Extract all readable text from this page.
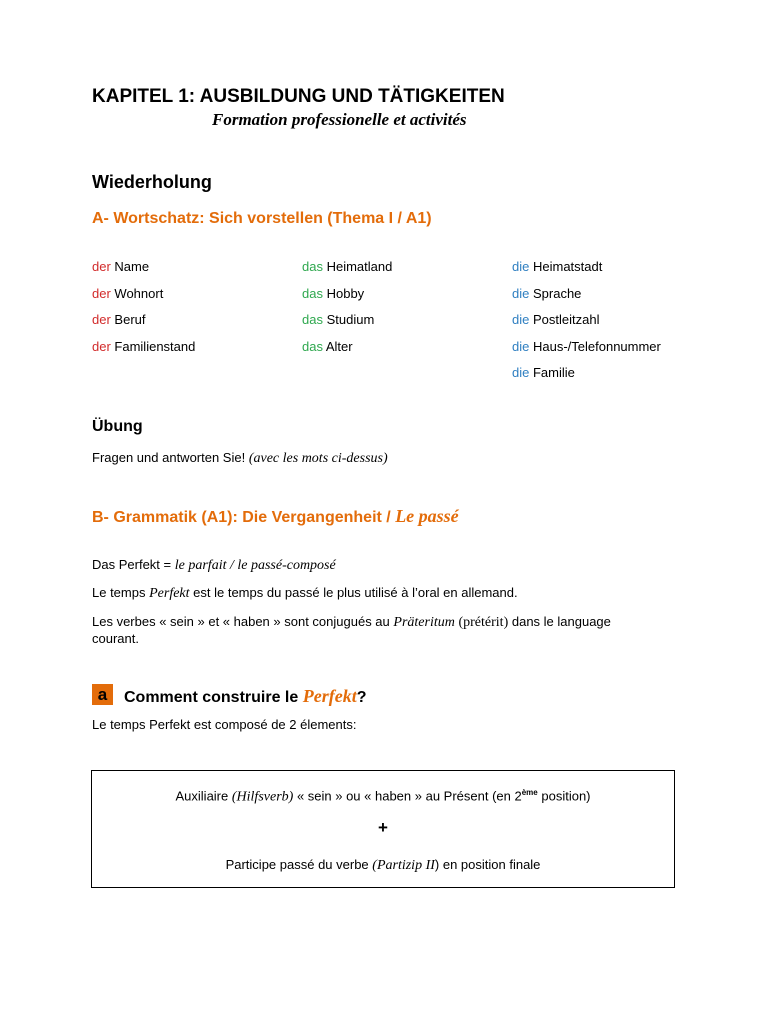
KAPITEL 1: AUSBILDUNG UND TÄTIGKEITEN
Formation professionelle et activités
Wiederholung
A- Wortschatz: Sich vorstellen (Thema I / A1)
der Name
der Wohnort
der Beruf
der Familienstand
das Heimatland
das Hobby
das Studium
das Alter
die Heimatstadt
die Sprache
die Postleitzahl
die Haus-/Telefonnummer
die Familie
Übung
Fragen und antworten Sie! (avec les mots ci-dessus)
B- Grammatik (A1): Die Vergangenheit / Le passé
Das Perfekt = le parfait / le passé-composé
Le temps Perfekt est le temps du passé le plus utilisé à l’oral en allemand.
Les verbes « sein » et « haben » sont conjugués au Präteritum (prétérit) dans le language
courant.
a	Comment construire le Perfekt?
Le temps Perfekt est composé de 2 élements:
Auxiliaire (Hilfsverb) « sein » ou « haben » au Présent (en 2ème position)
+
Participe passé du verbe (Partizip II) en position finale
